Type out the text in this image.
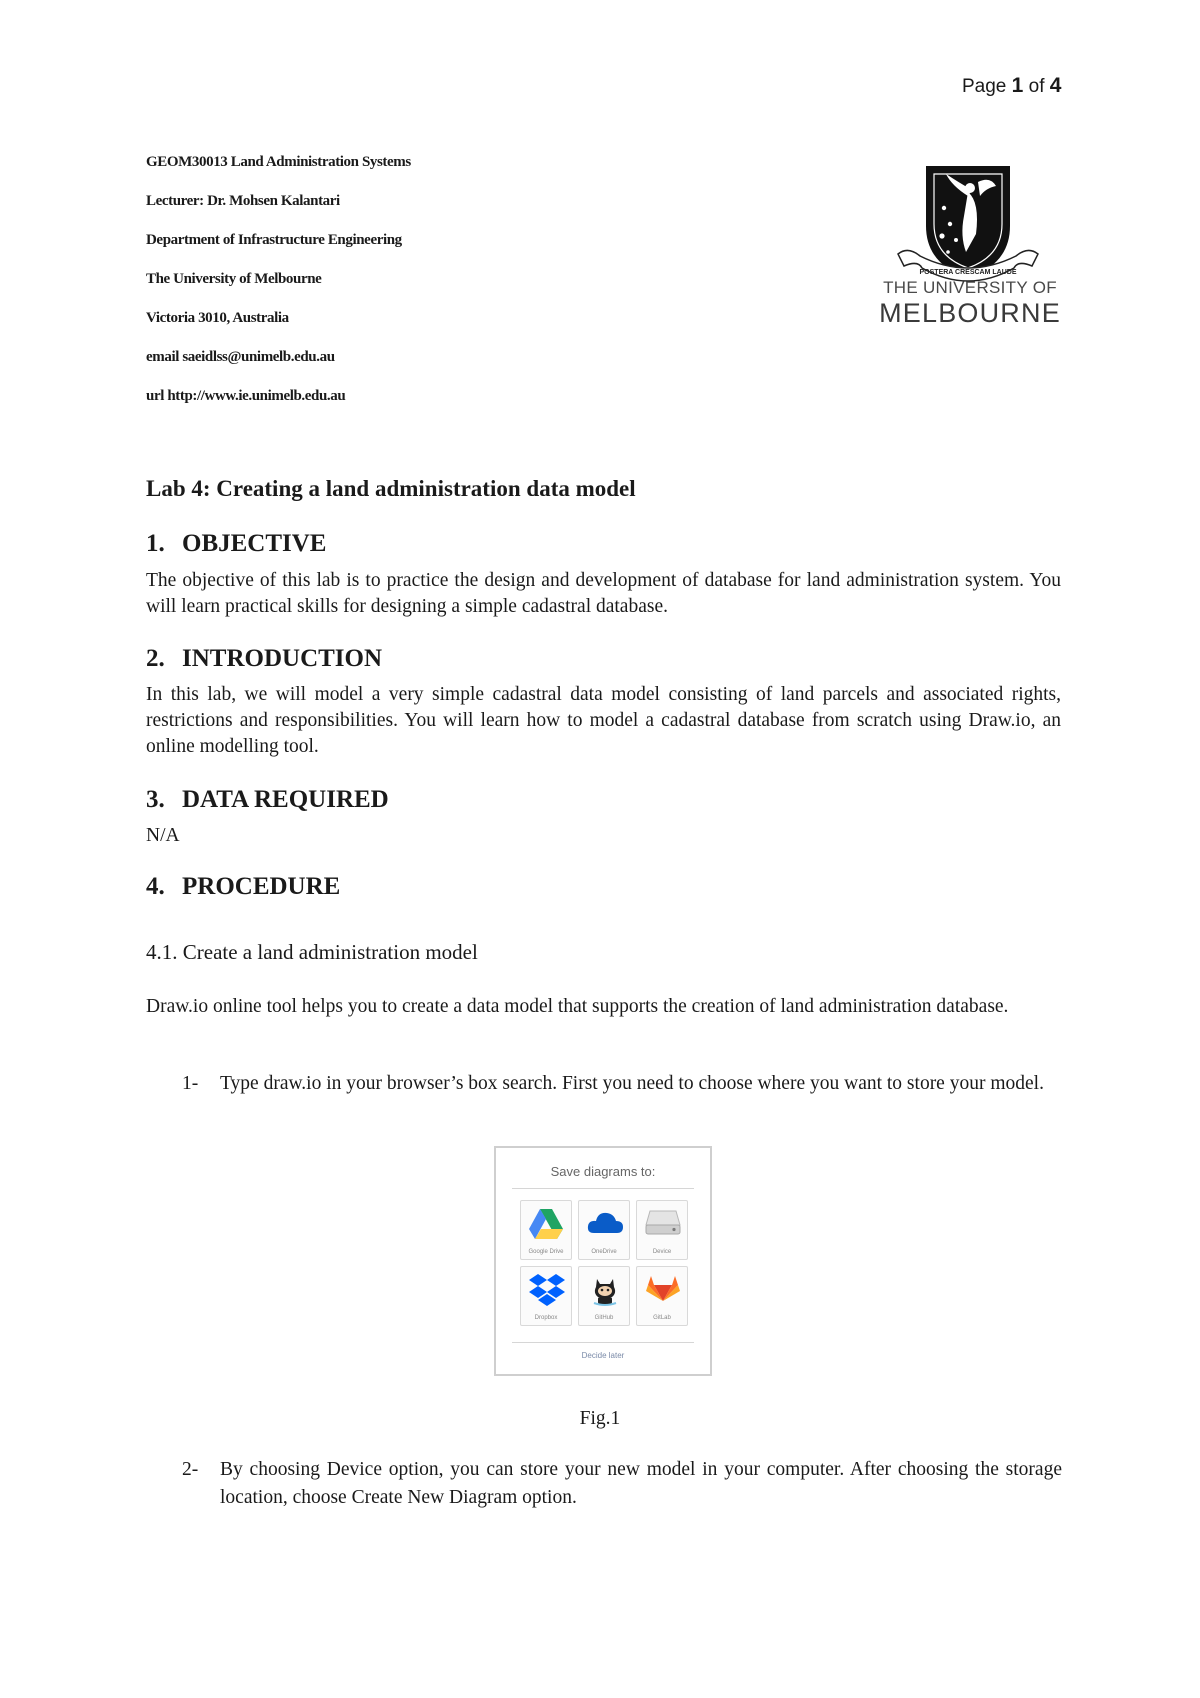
Page 1 of 4
GEOM30013 Land Administration Systems
Lecturer: Dr. Mohsen Kalantari
Department of Infrastructure Engineering
The University of Melbourne
Victoria 3010, Australia
email saeidlss@unimelb.edu.au
url http://www.ie.unimelb.edu.au
POSTERA CRESCAM LAUDE
THE UNIVERSITY OF
MELBOURNE
Lab 4: Creating a land administration data model
1. OBJECTIVE
The objective of this lab is to practice the design and development of database for land administration system. You will learn practical skills for designing a simple cadastral database.
2. INTRODUCTION
In this lab, we will model a very simple cadastral data model consisting of land parcels and associated rights, restrictions and responsibilities. You will learn how to model a cadastral database from scratch using Draw.io, an online modelling tool.
3. DATA REQUIRED
N/A
4. PROCEDURE
4.1. Create a land administration model
Draw.io online tool helps you to create a data model that supports the creation of land administration database.
1-	Type draw.io in your browser’s box search. First you need to choose where you want to store your model.
Save diagrams to:
Google Drive	OneDrive	Device
Dropbox	GitHub	GitLab
Decide later
Fig.1
2-	By choosing Device option, you can store your new model in your computer. After choosing the storage location, choose Create New Diagram option.
